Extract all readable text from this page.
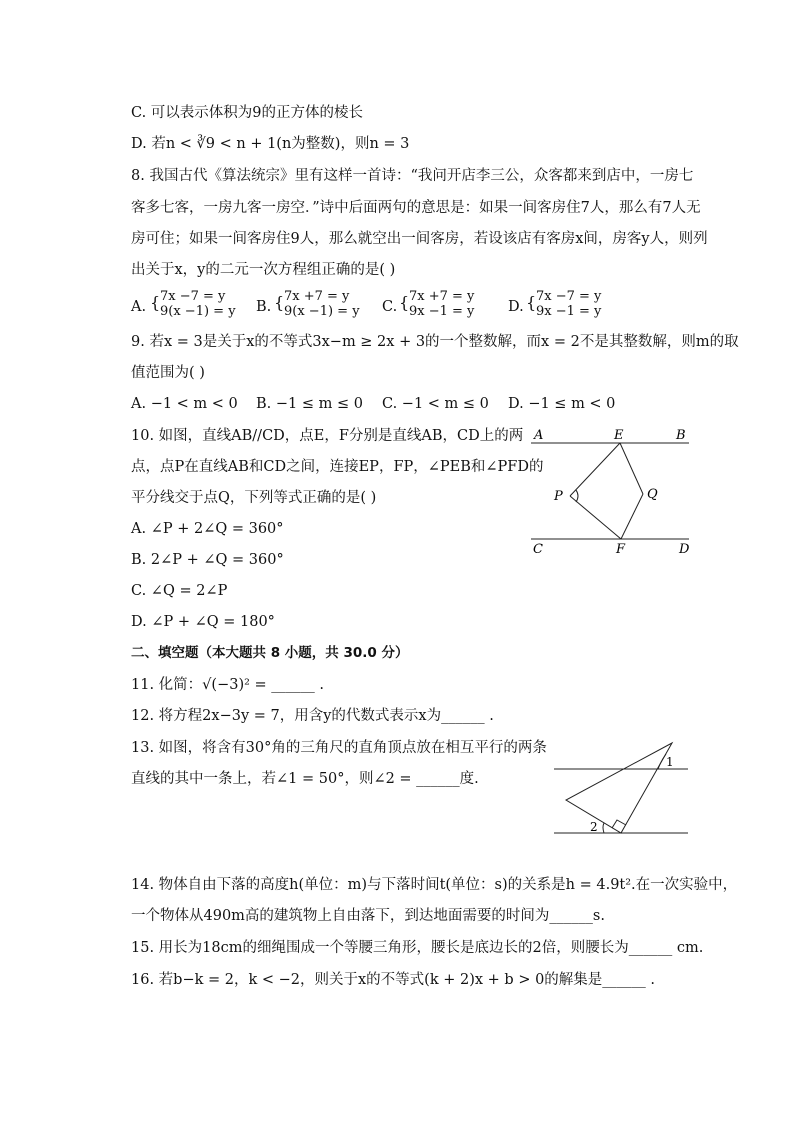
C. 可以表示体积为9的正方体的棱长
D. 若n < ∛9 < n + 1(n为整数)，则n = 3
8. 我国古代《算法统宗》里有这样一首诗：“我问开店李三公，众客都来到店中，一房七
客多七客，一房九客一房空．”诗中后面两句的意思是：如果一间客房住7人，那么有7人无
房可住；如果一间客房住9人，那么就空出一间客房，若设该店有客房x间，房客y人，则列
出关于x，y的二元一次方程组正确的是( )
A. { 7x −7 = y
9(x −1) = y B. { 7x +7 = y
9(x −1) = y C. { 7x +7 = y
9x −1 = y D. { 7x −7 = y
9x −1 = y
9. 若x = 3是关于x的不等式3x−m ≥ 2x + 3的一个整数解，而x = 2不是其整数解，则m的取
值范围为( )
A. −1 < m < 0 B. −1 ≤ m ≤ 0 C. −1 < m ≤ 0 D. −1 ≤ m < 0
10. 如图，直线AB//CD，点E，F分别是直线AB，CD上的两
点，点P在直线AB和CD之间，连接EP，FP，∠PEB和∠PFD的
平分线交于点Q，下列等式正确的是( )
A. ∠P + 2∠Q = 360°
B. 2∠P + ∠Q = 360°
C. ∠Q = 2∠P
D. ∠P + ∠Q = 180°
A	E	B
P	Q
C	F	D
二、填空题（本大题共 8 小题，共 30.0 分）
11. 化简：√(−3)² = ______ .
12. 将方程2x−3y = 7，用含y的代数式表示x为______ .
13. 如图，将含有30°角的三角尺的直角顶点放在相互平行的两条
直线的其中一条上，若∠1 = 50°，则∠2 = ______度.
1
2
14. 物体自由下落的高度h(单位：m)与下落时间t(单位：s)的关系是h = 4.9t².在一次实验中，
一个物体从490m高的建筑物上自由落下，到达地面需要的时间为______s.
15. 用长为18cm的细绳围成一个等腰三角形，腰长是底边长的2倍，则腰长为______ cm.
16. 若b−k = 2，k < −2，则关于x的不等式(k + 2)x + b > 0的解集是______ .
